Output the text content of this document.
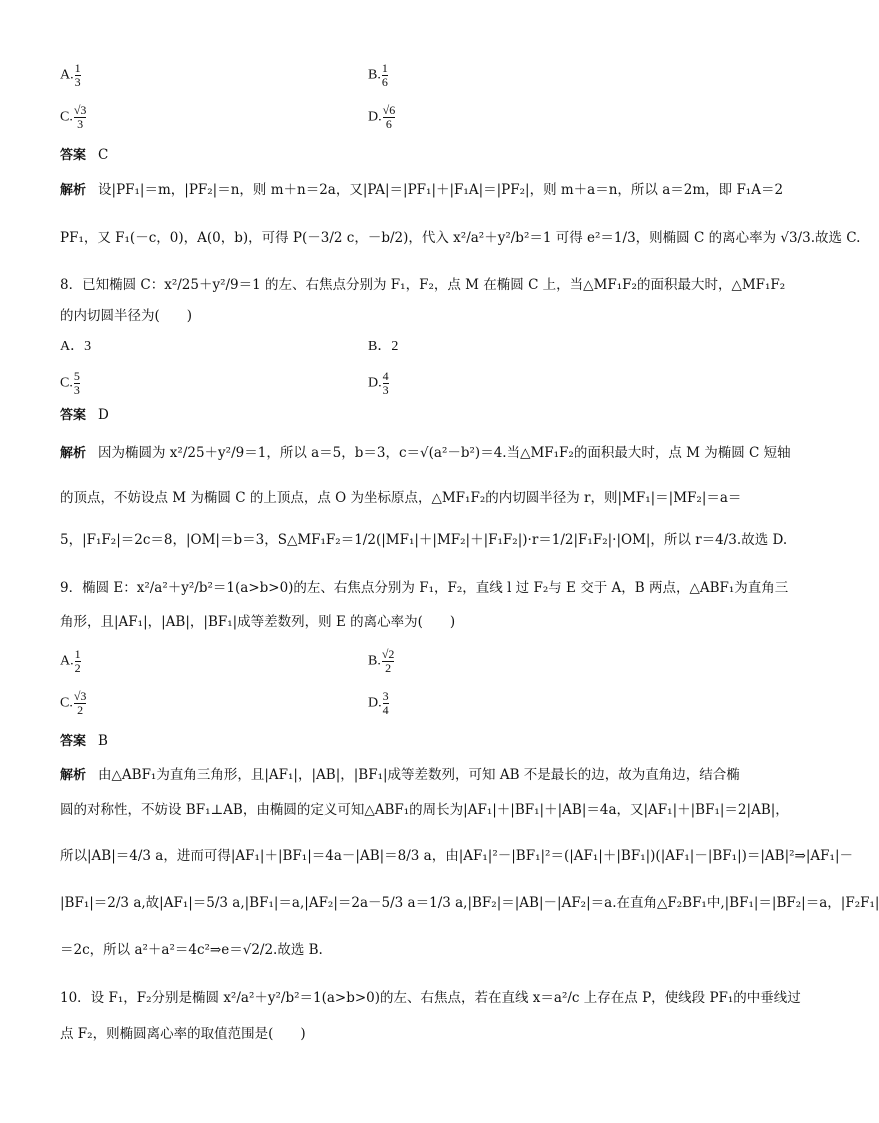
A. $\frac{1}{3}$	B. $\frac{1}{6}$
C. $\frac{√3}{3}$	D. $\frac{√6}{6}$
答案 C
解析 设|PF₁|＝m，|PF₂|＝n，则 m＋n＝2a，又|PA|＝|PF₁|＋|F₁A|＝|PF₂|，则 m＋a＝n，所以 a＝2m，即 F₁A＝2
PF₁，又 F₁(－c，0)，A(0，b)，可得 P(－3/2 c，－b/2)，代入 x²/a²＋y²/b²＝1 可得 e²＝1/3，则椭圆 C 的离心率为 √3/3.故选 C.
8．已知椭圆 C：x²/25＋y²/9＝1 的左、右焦点分别为 F₁，F₂，点 M 在椭圆 C 上，当△MF₁F₂的面积最大时，△MF₁F₂
的内切圆半径为(　　)
A．3	B．2
C. $\frac{5}{3}$	D. $\frac{4}{3}$
答案 D
解析 因为椭圆为 x²/25＋y²/9＝1，所以 a＝5，b＝3，c＝√(a²－b²)＝4.当△MF₁F₂的面积最大时，点 M 为椭圆 C 短轴
的顶点，不妨设点 M 为椭圆 C 的上顶点，点 O 为坐标原点，△MF₁F₂的内切圆半径为 r，则|MF₁|＝|MF₂|＝a＝
5，|F₁F₂|＝2c＝8，|OM|＝b＝3，S△MF₁F₂＝1/2(|MF₁|＋|MF₂|＋|F₁F₂|)·r＝1/2|F₁F₂|·|OM|，所以 r＝4/3.故选 D.
9．椭圆 E：x²/a²＋y²/b²＝1(a>b>0)的左、右焦点分别为 F₁，F₂，直线 l 过 F₂与 E 交于 A，B 两点，△ABF₁为直角三
角形，且|AF₁|，|AB|，|BF₁|成等差数列，则 E 的离心率为(　　)
A. $\frac{1}{2}$	B. $\frac{√2}{2}$
C. $\frac{√3}{2}$	D. $\frac{3}{4}$
答案 B
解析 由△ABF₁为直角三角形，且|AF₁|，|AB|，|BF₁|成等差数列，可知 AB 不是最长的边，故为直角边，结合椭
圆的对称性，不妨设 BF₁⊥AB，由椭圆的定义可知△ABF₁的周长为|AF₁|＋|BF₁|＋|AB|＝4a，又|AF₁|＋|BF₁|＝2|AB|，
所以|AB|＝4/3 a，进而可得|AF₁|＋|BF₁|＝4a－|AB|＝8/3 a，由|AF₁|²－|BF₁|²＝(|AF₁|＋|BF₁|)(|AF₁|－|BF₁|)＝|AB|²⇒|AF₁|－
|BF₁|＝2/3 a,故|AF₁|＝5/3 a,|BF₁|＝a,|AF₂|＝2a－5/3 a＝1/3 a,|BF₂|＝|AB|－|AF₂|＝a.在直角△F₂BF₁中,|BF₁|＝|BF₂|＝a，|F₂F₁|
＝2c，所以 a²＋a²＝4c²⇒e＝√2/2.故选 B.
10．设 F₁，F₂分别是椭圆 x²/a²＋y²/b²＝1(a>b>0)的左、右焦点，若在直线 x＝a²/c 上存在点 P，使线段 PF₁的中垂线过
点 F₂，则椭圆离心率的取值范围是(　　)
